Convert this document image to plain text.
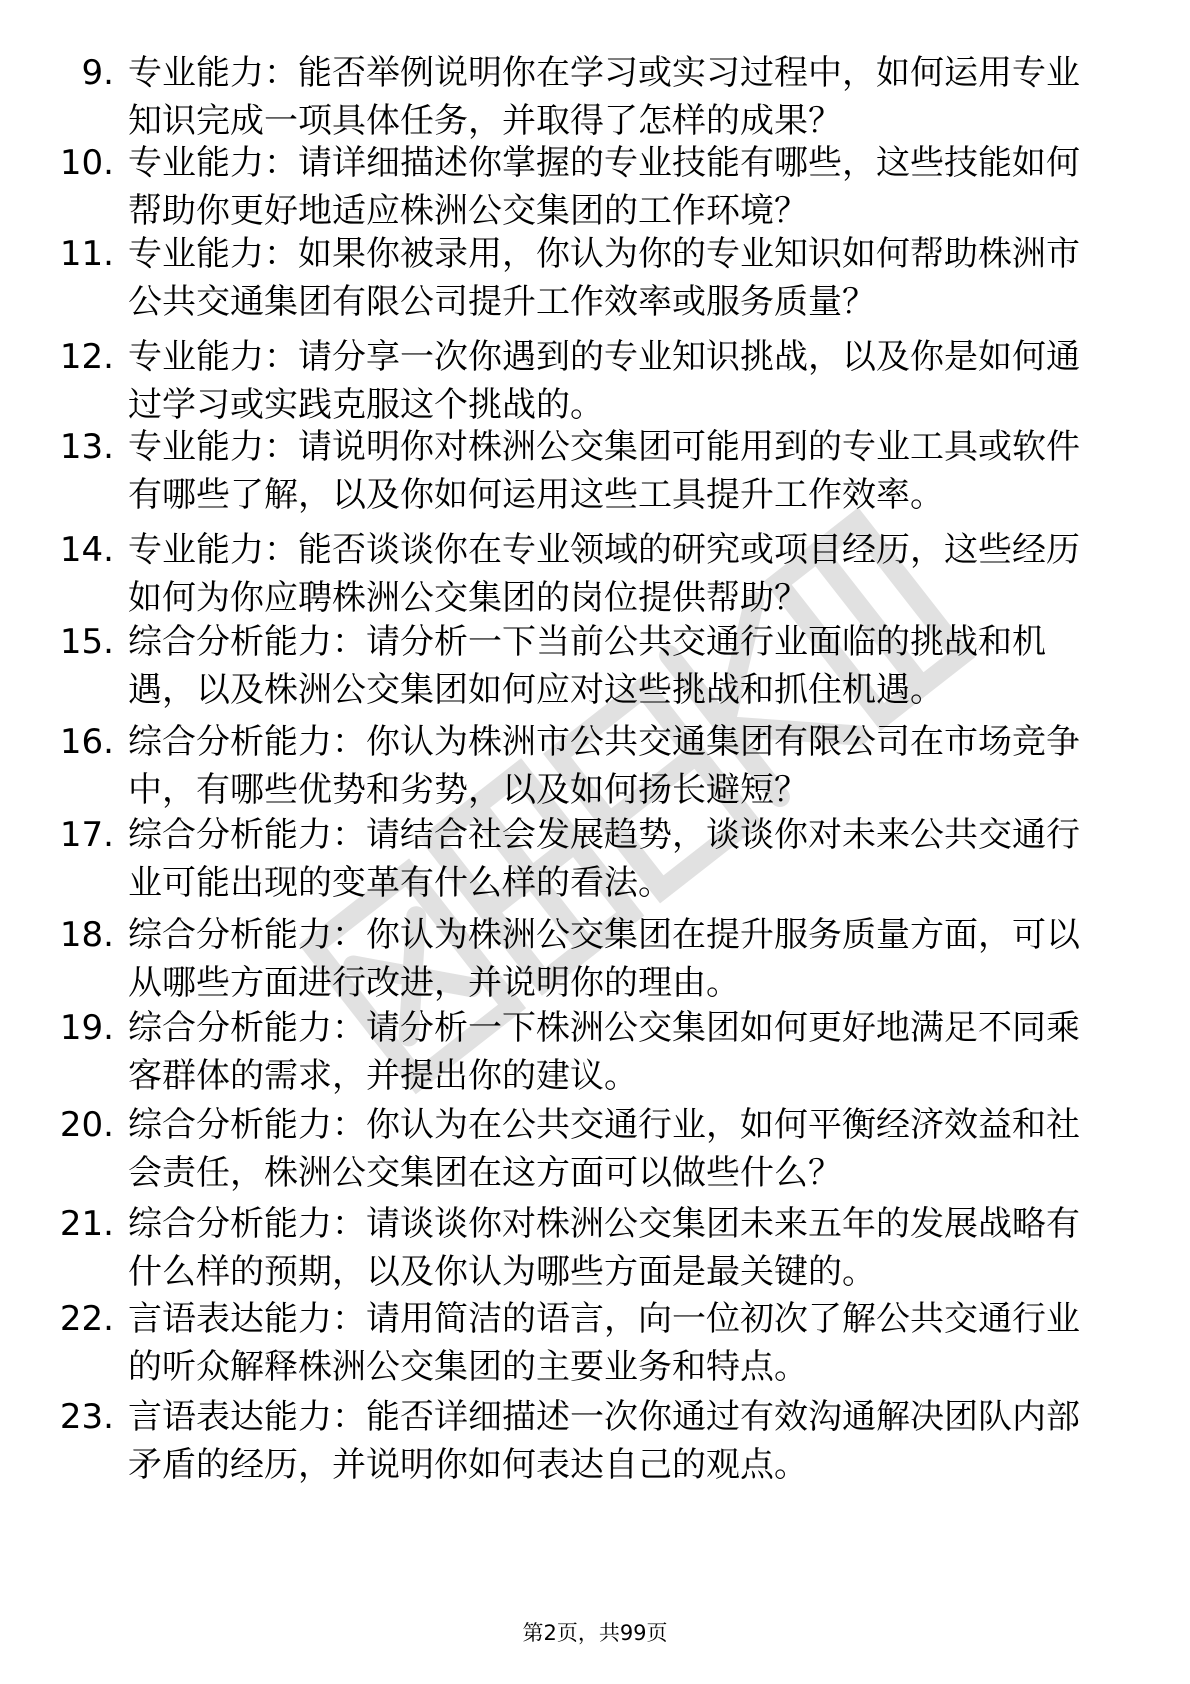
9. 专业能力：能否举例说明你在学习或实习过程中，如何运用专业
知识完成一项具体任务，并取得了怎样的成果？
10. 专业能力：请详细描述你掌握的专业技能有哪些，这些技能如何
帮助你更好地适应株洲公交集团的工作环境？
11. 专业能力：如果你被录用，你认为你的专业知识如何帮助株洲市
公共交通集团有限公司提升工作效率或服务质量？
12. 专业能力：请分享一次你遇到的专业知识挑战，以及你是如何通
过学习或实践克服这个挑战的。
13. 专业能力：请说明你对株洲公交集团可能用到的专业工具或软件
有哪些了解，以及你如何运用这些工具提升工作效率。
14. 专业能力：能否谈谈你在专业领域的研究或项目经历，这些经历
如何为你应聘株洲公交集团的岗位提供帮助？
15. 综合分析能力：请分析一下当前公共交通行业面临的挑战和机
遇，以及株洲公交集团如何应对这些挑战和抓住机遇。
16. 综合分析能力：你认为株洲市公共交通集团有限公司在市场竞争
中，有哪些优势和劣势，以及如何扬长避短？
17. 综合分析能力：请结合社会发展趋势，谈谈你对未来公共交通行
业可能出现的变革有什么样的看法。
18. 综合分析能力：你认为株洲公交集团在提升服务质量方面，可以
从哪些方面进行改进，并说明你的理由。
19. 综合分析能力：请分析一下株洲公交集团如何更好地满足不同乘
客群体的需求，并提出你的建议。
20. 综合分析能力：你认为在公共交通行业，如何平衡经济效益和社
会责任，株洲公交集团在这方面可以做些什么？
21. 综合分析能力：请谈谈你对株洲公交集团未来五年的发展战略有
什么样的预期，以及你认为哪些方面是最关键的。
22. 言语表达能力：请用简洁的语言，向一位初次了解公共交通行业
的听众解释株洲公交集团的主要业务和特点。
23. 言语表达能力：能否详细描述一次你通过有效沟通解决团队内部
矛盾的经历，并说明你如何表达自己的观点。
第2页，共99页
